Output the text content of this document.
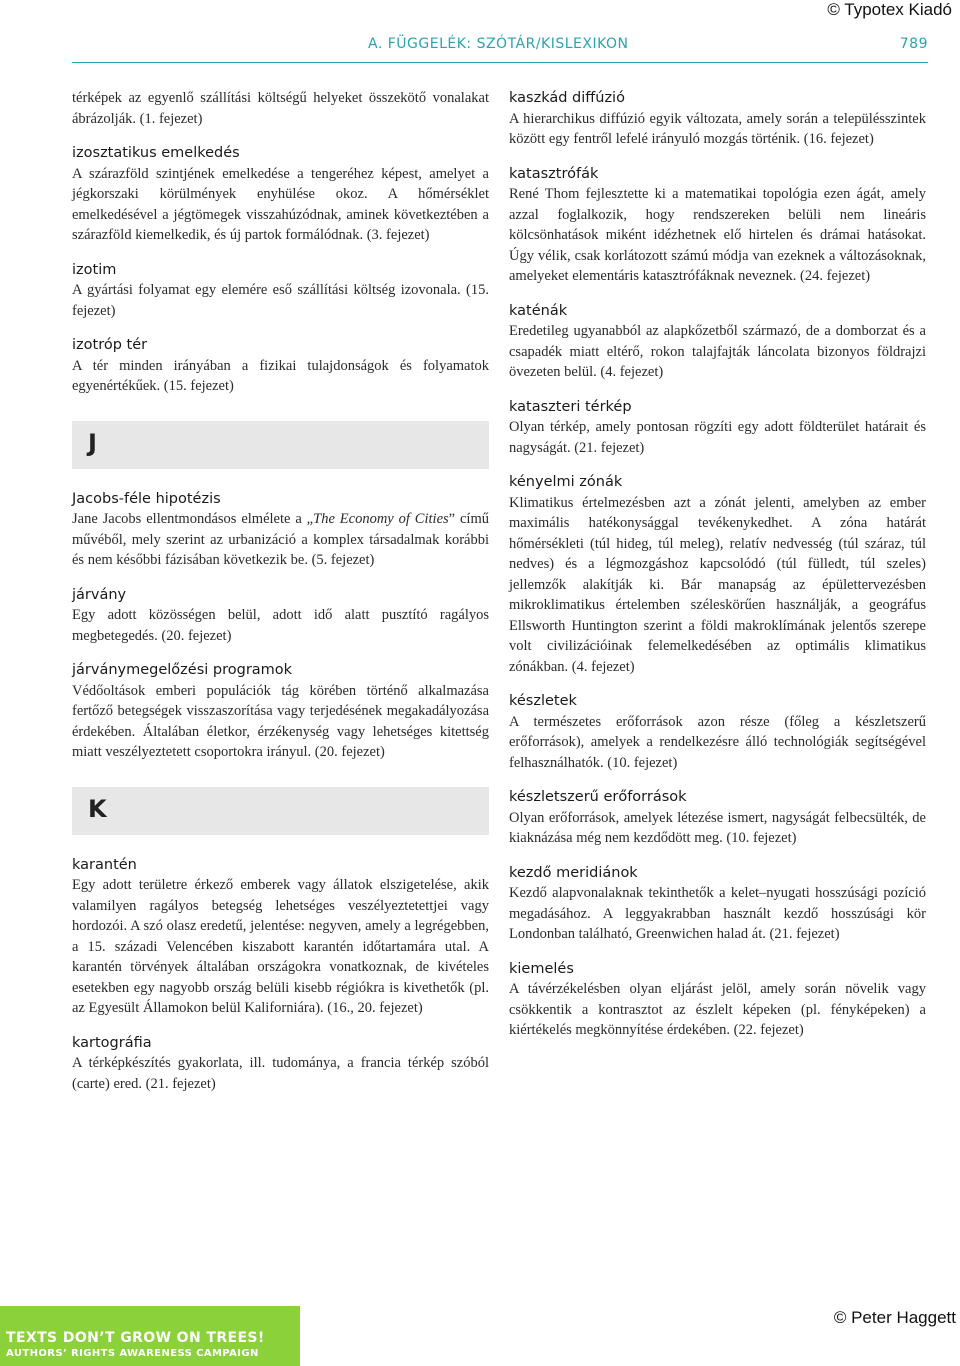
© Typotex Kiadó
A. FÜGGELÉK: SZÓTÁR/KISLEXIKON	789
térképek az egyenlő szállítási költségű helyeket összekötő vonalakat ábrázolják. (1. fejezet)
izosztatikus emelkedés
A szárazföld szintjének emelkedése a tengeréhez képest, amelyet a jégkorszaki körülmények enyhülése okoz. A hőmérséklet emelkedésével a jégtömegek visszahúzódnak, aminek következtében a szárazföld kiemelkedik, és új partok formálódnak. (3. fejezet)
izotim
A gyártási folyamat egy elemére eső szállítási költség izovonala. (15. fejezet)
izotróp tér
A tér minden irányában a fizikai tulajdonságok és folyamatok egyenértékűek. (15. fejezet)
J
Jacobs-féle hipotézis
Jane Jacobs ellentmondásos elmélete a „The Economy of Cities” című művéből, mely szerint az urbanizáció a komplex társadalmak korábbi és nem későbbi fázisában következik be. (5. fejezet)
járvány
Egy adott közösségen belül, adott idő alatt pusztító ragályos megbetegedés. (20. fejezet)
járványmegelőzési programok
Védőoltások emberi populációk tág körében történő alkalmazása fertőző betegségek visszaszorítása vagy terjedésének megakadályozása érdekében. Általában életkor, érzékenység vagy lehetséges kitettség miatt veszélyeztetett csoportokra irányul. (20. fejezet)
K
karantén
Egy adott területre érkező emberek vagy állatok elszigetelése, akik valamilyen ragályos betegség lehetséges veszélyeztetettjei vagy hordozói. A szó olasz eredetű, jelentése: negyven, amely a legrégebben, a 15. századi Velencében kiszabott karantén időtartamára utal. A karantén törvények általában országokra vonatkoznak, de kivételes esetekben egy nagyobb ország belüli kisebb régiókra is kivethetők (pl. az Egyesült Államokon belül Kaliforniára). (16., 20. fejezet)
kartográfia
A térképkészítés gyakorlata, ill. tudománya, a francia térkép szóból (carte) ered. (21. fejezet)
kaszkád diffúzió
A hierarchikus diffúzió egyik változata, amely során a településszintek között egy fentről lefelé irányuló mozgás történik. (16. fejezet)
katasztrófák
René Thom fejlesztette ki a matematikai topológia ezen ágát, amely azzal foglalkozik, hogy rendszereken belüli nem lineáris kölcsönhatások miként idézhetnek elő hirtelen és drámai hatásokat. Úgy vélik, csak korlátozott számú módja van ezeknek a változásoknak, amelyeket elementáris katasztrófáknak neveznek. (24. fejezet)
katénák
Eredetileg ugyanabból az alapkőzetből származó, de a domborzat és a csapadék miatt eltérő, rokon talajfajták láncolata bizonyos földrajzi övezeten belül. (4. fejezet)
kataszteri térkép
Olyan térkép, amely pontosan rögzíti egy adott földterület határait és nagyságát. (21. fejezet)
kényelmi zónák
Klimatikus értelmezésben azt a zónát jelenti, amelyben az ember maximális hatékonysággal tevékenykedhet. A zóna határát hőmérsékleti (túl hideg, túl meleg), relatív nedvesség (túl száraz, túl nedves) és a légmozgáshoz kapcsolódó (túl fülledt, túl szeles) jellemzők alakítják ki. Bár manapság az épülettervezésben mikroklimatikus értelemben széleskörűen használják, a geográfus Ellsworth Huntington szerint a földi makroklímának jelentős szerepe volt civilizációinak felemelkedésében az optimális klimatikus zónákban. (4. fejezet)
készletek
A természetes erőforrások azon része (főleg a készletszerű erőforrások), amelyek a rendelkezésre álló technológiák segítségével felhasználhatók. (10. fejezet)
készletszerű erőforrások
Olyan erőforrások, amelyek létezése ismert, nagyságát felbecsülték, de kiaknázása még nem kezdődött meg. (10. fejezet)
kezdő meridiánok
Kezdő alapvonalaknak tekinthetők a kelet–nyugati hosszúsági pozíció megadásához. A leggyakrabban használt kezdő hosszúsági kör Londonban található, Greenwichen halad át. (21. fejezet)
kiemelés
A távérzékelésben olyan eljárást jelöl, amely során növelik vagy csökkentik a kontrasztot az észlelt képeken (pl. fényképeken) a kiértékelés megkönnyítése érdekében. (22. fejezet)
TEXTS DON’T GROW ON TREES!
AUTHORS’ RIGHTS AWARENESS CAMPAIGN
© Peter Haggett
